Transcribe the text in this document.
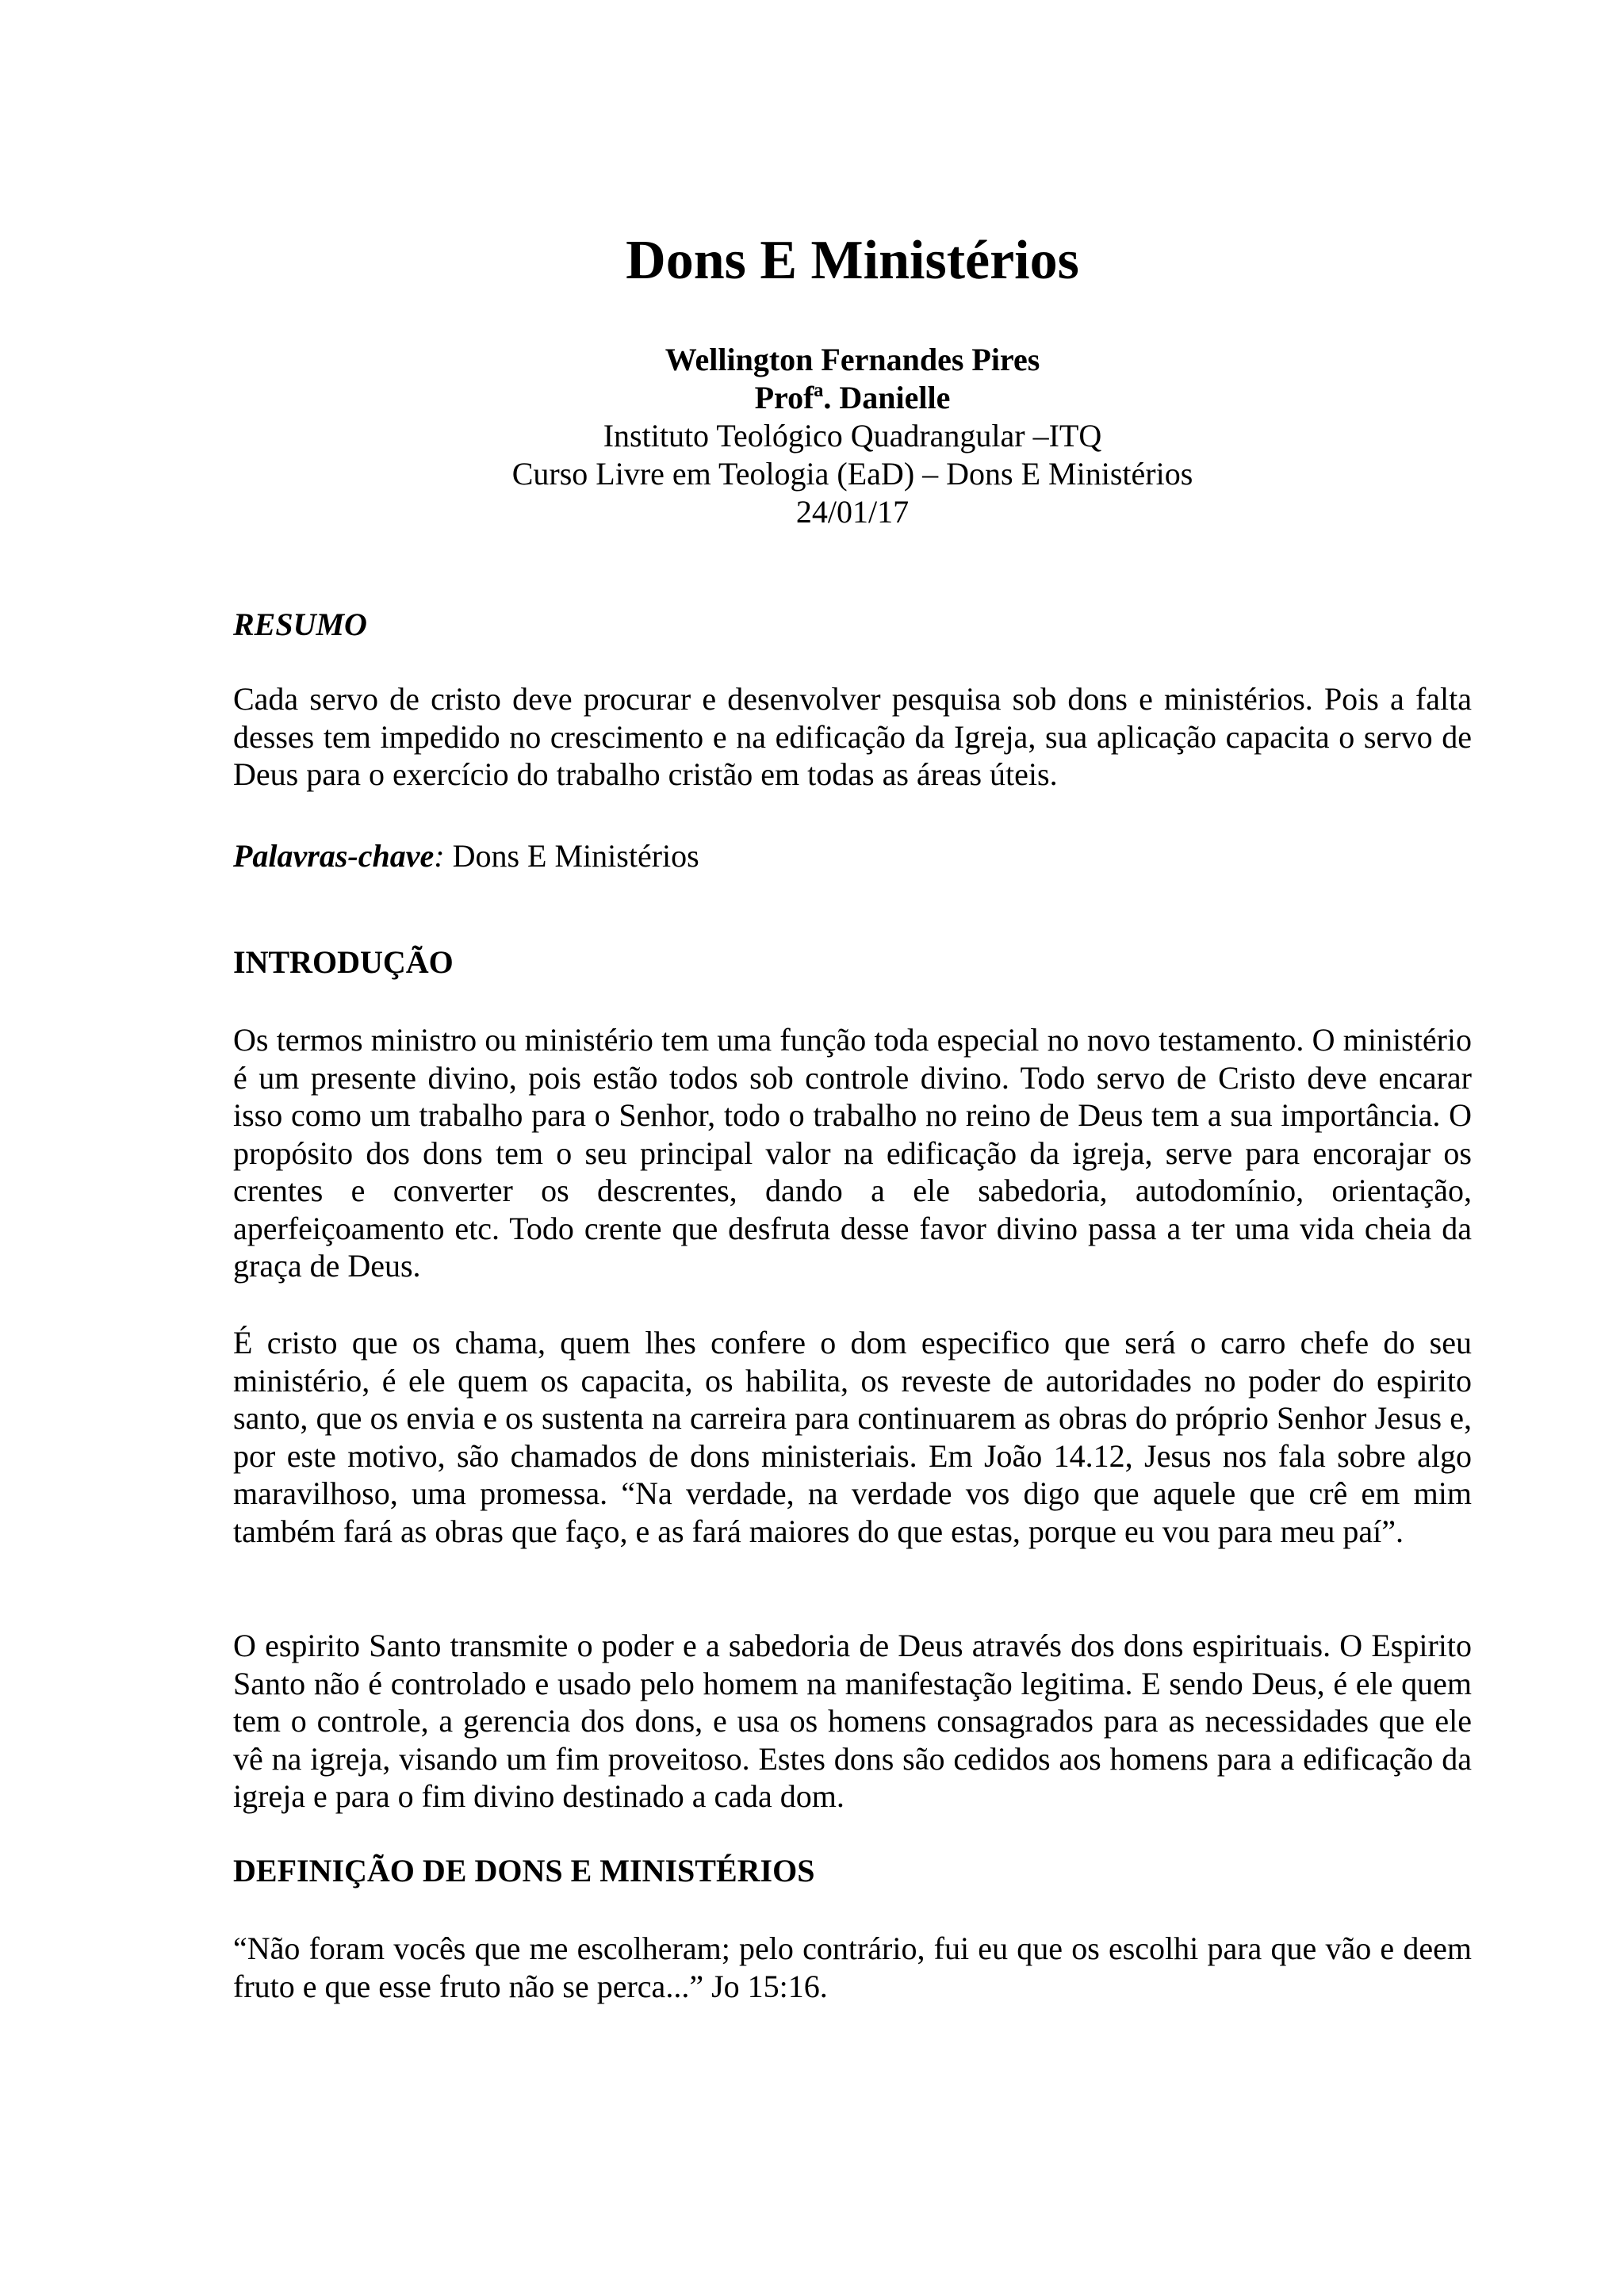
Dons E Ministérios
Wellington Fernandes Pires
Profª. Danielle
Instituto Teológico Quadrangular –ITQ
Curso Livre em Teologia (EaD) – Dons E Ministérios
24/01/17
RESUMO

Cada servo de cristo deve procurar e desenvolver pesquisa sob dons e ministérios. Pois a falta desses tem impedido no crescimento e na edificação da Igreja, sua aplicação capacita o servo de Deus para o exercício do trabalho cristão em todas as áreas úteis.

Palavras-chave: Dons E Ministérios

INTRODUÇÃO

Os termos ministro ou ministério tem uma função toda especial no novo testamento. O ministério é um presente divino, pois estão todos sob controle divino. Todo servo de Cristo deve encarar isso como um trabalho para o Senhor, todo o trabalho no reino de Deus tem a sua importância. O propósito dos dons tem o seu principal valor na edificação da igreja, serve para encorajar os crentes e converter os descrentes, dando a ele sabedoria, autodomínio, orientação, aperfeiçoamento etc. Todo crente que desfruta desse favor divino passa a ter uma vida cheia da graça de Deus.

É cristo que os chama, quem lhes confere o dom especifico que será o carro chefe do seu ministério, é ele quem os capacita, os habilita, os reveste de autoridades no poder do espirito santo, que os envia e os sustenta na carreira para continuarem as obras do próprio Senhor Jesus e, por este motivo, são chamados de dons ministeriais. Em João 14.12, Jesus nos fala sobre algo maravilhoso, uma promessa. “Na verdade, na verdade vos digo que aquele que crê em mim também fará as obras que faço, e as fará maiores do que estas, porque eu vou para meu paí”.

O espirito Santo transmite o poder e a sabedoria de Deus através dos dons espirituais. O Espirito Santo não é controlado e usado pelo homem na manifestação legitima. E sendo Deus, é ele quem tem o controle, a gerencia dos dons, e usa os homens consagrados para as necessidades que ele vê na igreja, visando um fim proveitoso. Estes dons são cedidos aos homens para a edificação da igreja e para o fim divino destinado a cada dom.

DEFINIÇÃO DE DONS E MINISTÉRIOS

“Não foram vocês que me escolheram; pelo contrário, fui eu que os escolhi para que vão e deem fruto e que esse fruto não se perca...” Jo 15:16.
